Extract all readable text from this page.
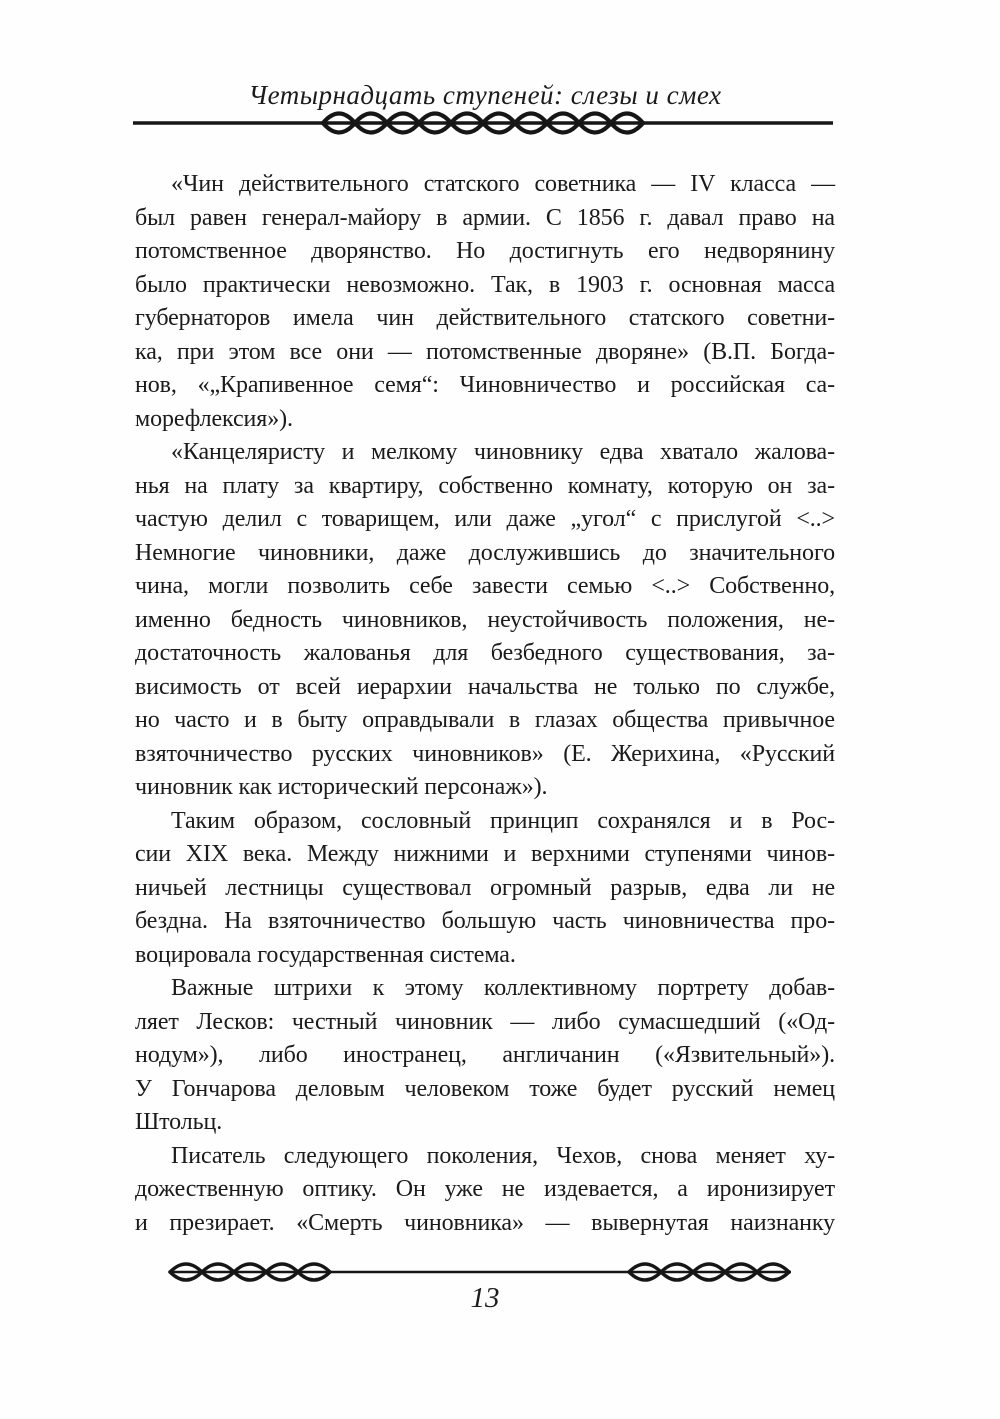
Четырнадцать ступеней: слезы и смех
«Чин действительного статского советника — IV класса —
был равен генерал-майору в армии. С 1856 г. давал право на
потомственное дворянство. Но достигнуть его недворянину
было практически невозможно. Так, в 1903 г. основная масса
губернаторов имела чин действительного статского советни-
ка, при этом все они — потомственные дворяне» (В.П. Богда-
нов, «„Крапивенное семя“: Чиновничество и российская са-
морефлексия»).
«Канцеляристу и мелкому чиновнику едва хватало жалова-
нья на плату за квартиру, собственно комнату, которую он за-
частую делил с товарищем, или даже „угол“ с прислугой <..>
Немногие чиновники, даже дослужившись до значительного
чина, могли позволить себе завести семью <..> Собственно,
именно бедность чиновников, неустойчивость положения, не-
достаточность жалованья для безбедного существования, за-
висимость от всей иерархии начальства не только по службе,
но часто и в быту оправдывали в глазах общества привычное
взяточничество русских чиновников» (Е. Жерихина, «Русский
чиновник как исторический персонаж»).
Таким образом, сословный принцип сохранялся и в Рос-
сии XIX века. Между нижними и верхними ступенями чинов-
ничьей лестницы существовал огромный разрыв, едва ли не
бездна. На взяточничество большую часть чиновничества про-
воцировала государственная система.
Важные штрихи к этому коллективному портрету добав-
ляет Лесков: честный чиновник — либо сумасшедший («Од-
нодум»), либо иностранец, англичанин («Язвительный»).
У Гончарова деловым человеком тоже будет русский немец
Штольц.
Писатель следующего поколения, Чехов, снова меняет ху-
дожественную оптику. Он уже не издевается, а иронизирует
и презирает. «Смерть чиновника» — вывернутая наизнанку
13
